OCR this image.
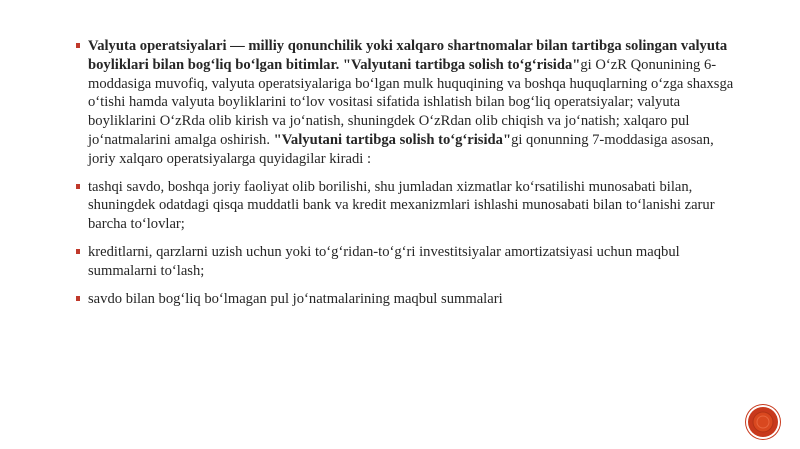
Valyuta operatsiyalari — milliy qonunchilik yoki xalqaro shartnomalar bilan tartibga solingan valyuta boyliklari bilan bog‘liq bo‘lgan bitimlar. "Valyutani tartibga solish to‘g‘risida"gi O‘zR Qonunining 6-moddasiga muvofiq, valyuta operatsiyalariga bo‘lgan mulk huquqining va boshqa huquqlarning o‘zga shaxsga o‘tishi hamda valyuta boyliklarini to‘lov vositasi sifatida ishlatish bilan bog‘liq operatsiyalar; valyuta boyliklarini O‘zRda olib kirish va jo‘natish, shuningdek O‘zRdan olib chiqish va jo‘natish; xalqaro pul jo‘natmalarini amalga oshirish. "Valyutani tartibga solish to‘g‘risida"gi qonunning 7-moddasiga asosan, joriy xalqaro operatsiyalarga quyidagilar kiradi :
tashqi savdo, boshqa joriy faoliyat olib borilishi, shu jumladan xizmatlar ko‘rsatilishi munosabati bilan, shuningdek odatdagi qisqa muddatli bank va kredit mexanizmlari ishlashi munosabati bilan to‘lanishi zarur barcha to‘lovlar;
kreditlarni, qarzlarni uzish uchun yoki to‘g‘ridan-to‘g‘ri investitsiyalar amortizatsiyasi uchun maqbul summalarni to‘lash;
savdo bilan bog‘liq bo‘lmagan pul jo‘natmalarining maqbul summalari
